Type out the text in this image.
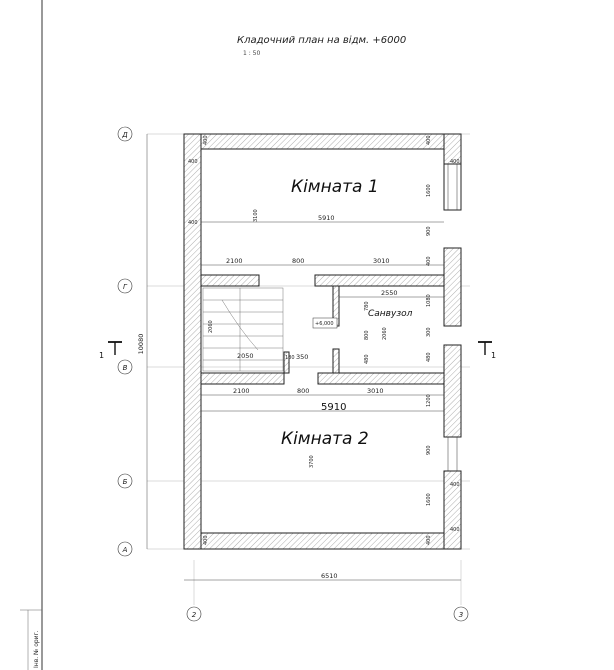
Інв. № ориг.
Кладочний план на відм. +6000
1 : 50
Д
Г
В
Б
А
2	3
10080
1	1
+6,000
Кімната 1
Кімната 2
Санвузол
5910
2100	800	3010
2550
2100	800	3010
5910
6510
2050	180 350
400	400
400
400
400
400
400
400	400
3100
1600
900
400
1080
300
480
780
800
480
2060
2060
3700
1200
900
1600
